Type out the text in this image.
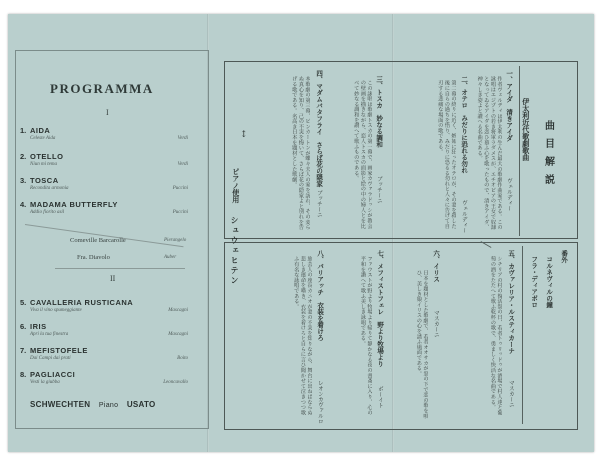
PROGRAMMA
I
1. AIDA
Celeste Aida	Verdi
2. OTELLO
Niun mi tema	Verdi
3. TOSCA
Recondita armonia	Puccini
4. MADAMA BUTTERFLY
Addio fiorito asil	Puccini
Comeville Barcarolle	Pierangelo
Fra. Diavolo	Auber
II
5. CAVALLERIA RUSTICANA
Viva il vino spumeggiante	Mascagni
6. IRIS
Apri la tua finestra	Mascagni
7. MEFISTOFELE
Dai Campi dai prati	Boito
8. PAGLIACCI
Vesti la giubba	Leoncavallo
SCHWECHTEN Piano USATO
曲目解説
伊太利近代歌劇歌曲
一、アイダ　清きアイダ
ヴェルディー
作者ヴェルディは伊太利の生んだ最大の歌劇作曲家である。この詠唱はエジプトの若き将軍ラダメスが、エチオピアの王女で奴隷となってゐるアイダを恋ひ慕ふ心を歌ったもので、清きアイダ、神々しき姿よと讃へる名曲である。
二、オテロ　みだりに恐れる勿れ
ヴェルディー
第二幕の終りに近く、嫉妬に狂ったオテロが、その妻を殺した後に自らの過ちを悟り、みだりに恐るる勿れと人々に告げて自刃する悲痛な場面の歌である。
三、トスカ　妙なる調和
プッチーニ
この詠唱は歌劇トスカの第一幕で、画家カヴァラドッシが教会の壁画を描きながら、恋人トスカの面影と絵の中の婦人とを比べて妙なる調和を讃へて歌ふものである。
四、マダムバタフライ　さらば花の隠家
プッチーニ
本歌劇の第三幕、ピンカートンが蝶々夫人の家を訪れ、その変らぬ真心を知り、己の不実を悔いて、さらば花の隠家よと別れを告げる歌である。名高き日本を題材とした歌劇。
↕
ピアノ使用
シュウェヒテン	番外
コルネヴィルの鐘
フラ・ディアボロ
五、カヴァレリア・ルスティカーナ
マスカーニ
シチリアの村の復活祭の日、若者トゥリッドゥが酒場で村人達と葡萄の酒をたたへて歌ふ乾杯の歌で、勇ましく快活な名曲である。
六、イリス
マスカーニ
日本を題材とした歌劇で、若者オオサカが窓の下で恋の歌を唄ひ、美しき娘イリスの心を誘ふ場面である。
七、メフィストフェレ　野より牧場より
ボーイト
ファウストが野より牧場より帰りて静かなる夜の書斎に入り、心の平和を讃へて歌ふ美しき詠唱である。
八、パリアッチ　衣装を着けろ
レオンカヴァルロ
旅芸人の座長カニオが妻の不実を知りながら、舞台に出ねばならぬ悲しき運命を嘆き、衣装を着けろと自らに言ひ聞かせて泣きつつ歌ふ有名な詠唱である。
